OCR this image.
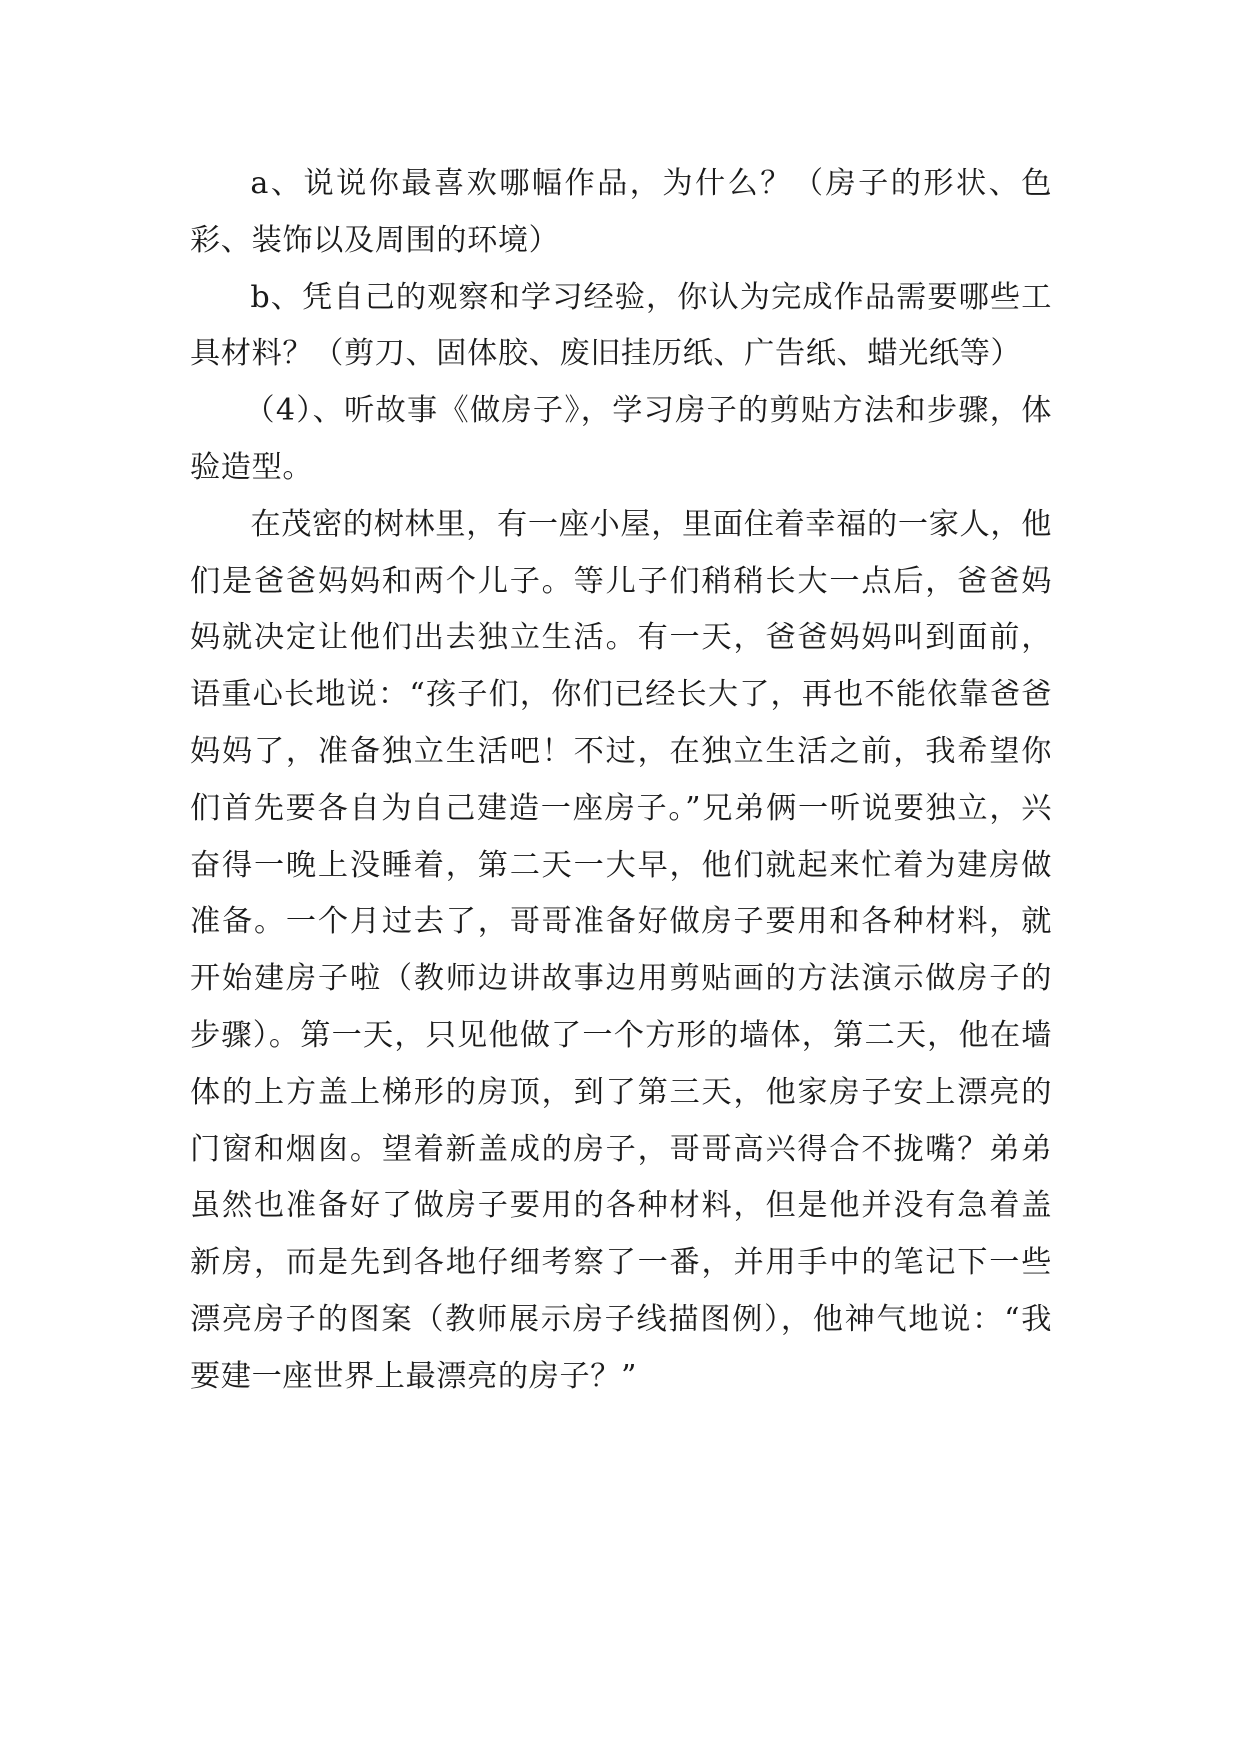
a、说说你最喜欢哪幅作品，为什么？（房子的形状、色彩、装饰以及周围的环境）

b、凭自己的观察和学习经验，你认为完成作品需要哪些工具材料？（剪刀、固体胶、废旧挂历纸、广告纸、蜡光纸等）

（4）、听故事《做房子》，学习房子的剪贴方法和步骤，体验造型。

在茂密的树林里，有一座小屋，里面住着幸福的一家人，他们是爸爸妈妈和两个儿子。等儿子们稍稍长大一点后，爸爸妈妈就决定让他们出去独立生活。有一天，爸爸妈妈叫到面前，语重心长地说：“孩子们，你们已经长大了，再也不能依靠爸爸妈妈了，准备独立生活吧！不过，在独立生活之前，我希望你们首先要各自为自己建造一座房子。”兄弟俩一听说要独立，兴奋得一晚上没睡着，第二天一大早，他们就起来忙着为建房做准备。一个月过去了，哥哥准备好做房子要用和各种材料，就开始建房子啦（教师边讲故事边用剪贴画的方法演示做房子的步骤）。第一天，只见他做了一个方形的墙体，第二天，他在墙体的上方盖上梯形的房顶，到了第三天，他家房子安上漂亮的门窗和烟囱。望着新盖成的房子，哥哥高兴得合不拢嘴？弟弟虽然也准备好了做房子要用的各种材料，但是他并没有急着盖新房，而是先到各地仔细考察了一番，并用手中的笔记下一些漂亮房子的图案（教师展示房子线描图例），他神气地说：“我要建一座世界上最漂亮的房子？”
